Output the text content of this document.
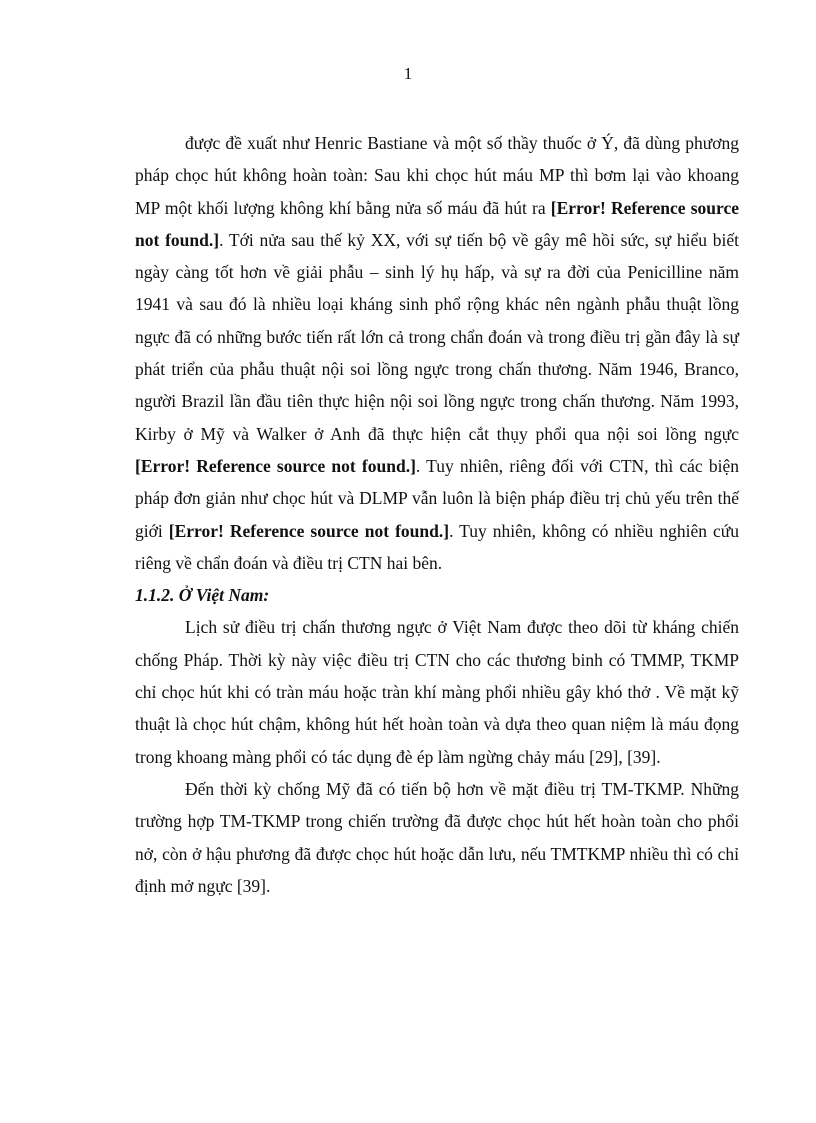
1

được đề xuất như Henric Bastiane và một số thầy thuốc ở Ý, đã dùng phương pháp chọc hút không hoàn toàn: Sau khi chọc hút máu MP thì bơm lại vào khoang MP một khối lượng không khí bằng nửa số máu đã hút ra [Error! Reference source not found.]. Tới nửa sau thế kỷ XX, với sự tiến bộ về gây mê hồi sức, sự hiểu biết ngày càng tốt hơn về giải phẫu – sinh lý hụ hấp, và sự ra đời của Penicilline năm 1941 và sau đó là nhiều loại kháng sinh phổ rộng khác nên ngành phẫu thuật lồng ngực đã có những bước tiến rất lớn cả trong chẩn đoán và trong điều trị gần đây là sự phát triển của phẫu thuật nội soi lồng ngực trong chấn thương. Năm 1946, Branco, người Brazil lần đầu tiên thực hiện nội soi lồng ngực trong chấn thương. Năm 1993, Kirby ở Mỹ và Walker ở Anh đã thực hiện cắt thụy phổi qua nội soi lồng ngực [Error! Reference source not found.]. Tuy nhiên, riêng đối với CTN, thì các biện pháp đơn giản như chọc hút và DLMP vẫn luôn là biện pháp điều trị chủ yếu trên thế giới [Error! Reference source not found.]. Tuy nhiên, không có nhiều nghiên cứu riêng về chẩn đoán và điều trị CTN hai bên.

1.1.2. Ở Việt Nam:

Lịch sử điều trị chấn thương ngực ở Việt Nam được theo dõi từ kháng chiến chống Pháp. Thời kỳ này việc điều trị CTN cho các thương binh có TMMP, TKMP chỉ chọc hút khi có tràn máu hoặc tràn khí màng phổi nhiều gây khó thở . Về mặt kỹ thuật là chọc hút chậm, không hút hết hoàn toàn và dựa theo quan niệm là máu đọng trong khoang màng phổi có tác dụng đè ép làm ngừng chảy máu [29], [39].

Đến thời kỳ chống Mỹ đã có tiến bộ hơn về mặt điều trị TM-TKMP. Những trường hợp TM-TKMP trong chiến trường đã được chọc hút hết hoàn toàn cho phổi nở, còn ở hậu phương đã được chọc hút hoặc dẫn lưu, nếu TMTKMP nhiều thì có chỉ định mở ngực [39].
